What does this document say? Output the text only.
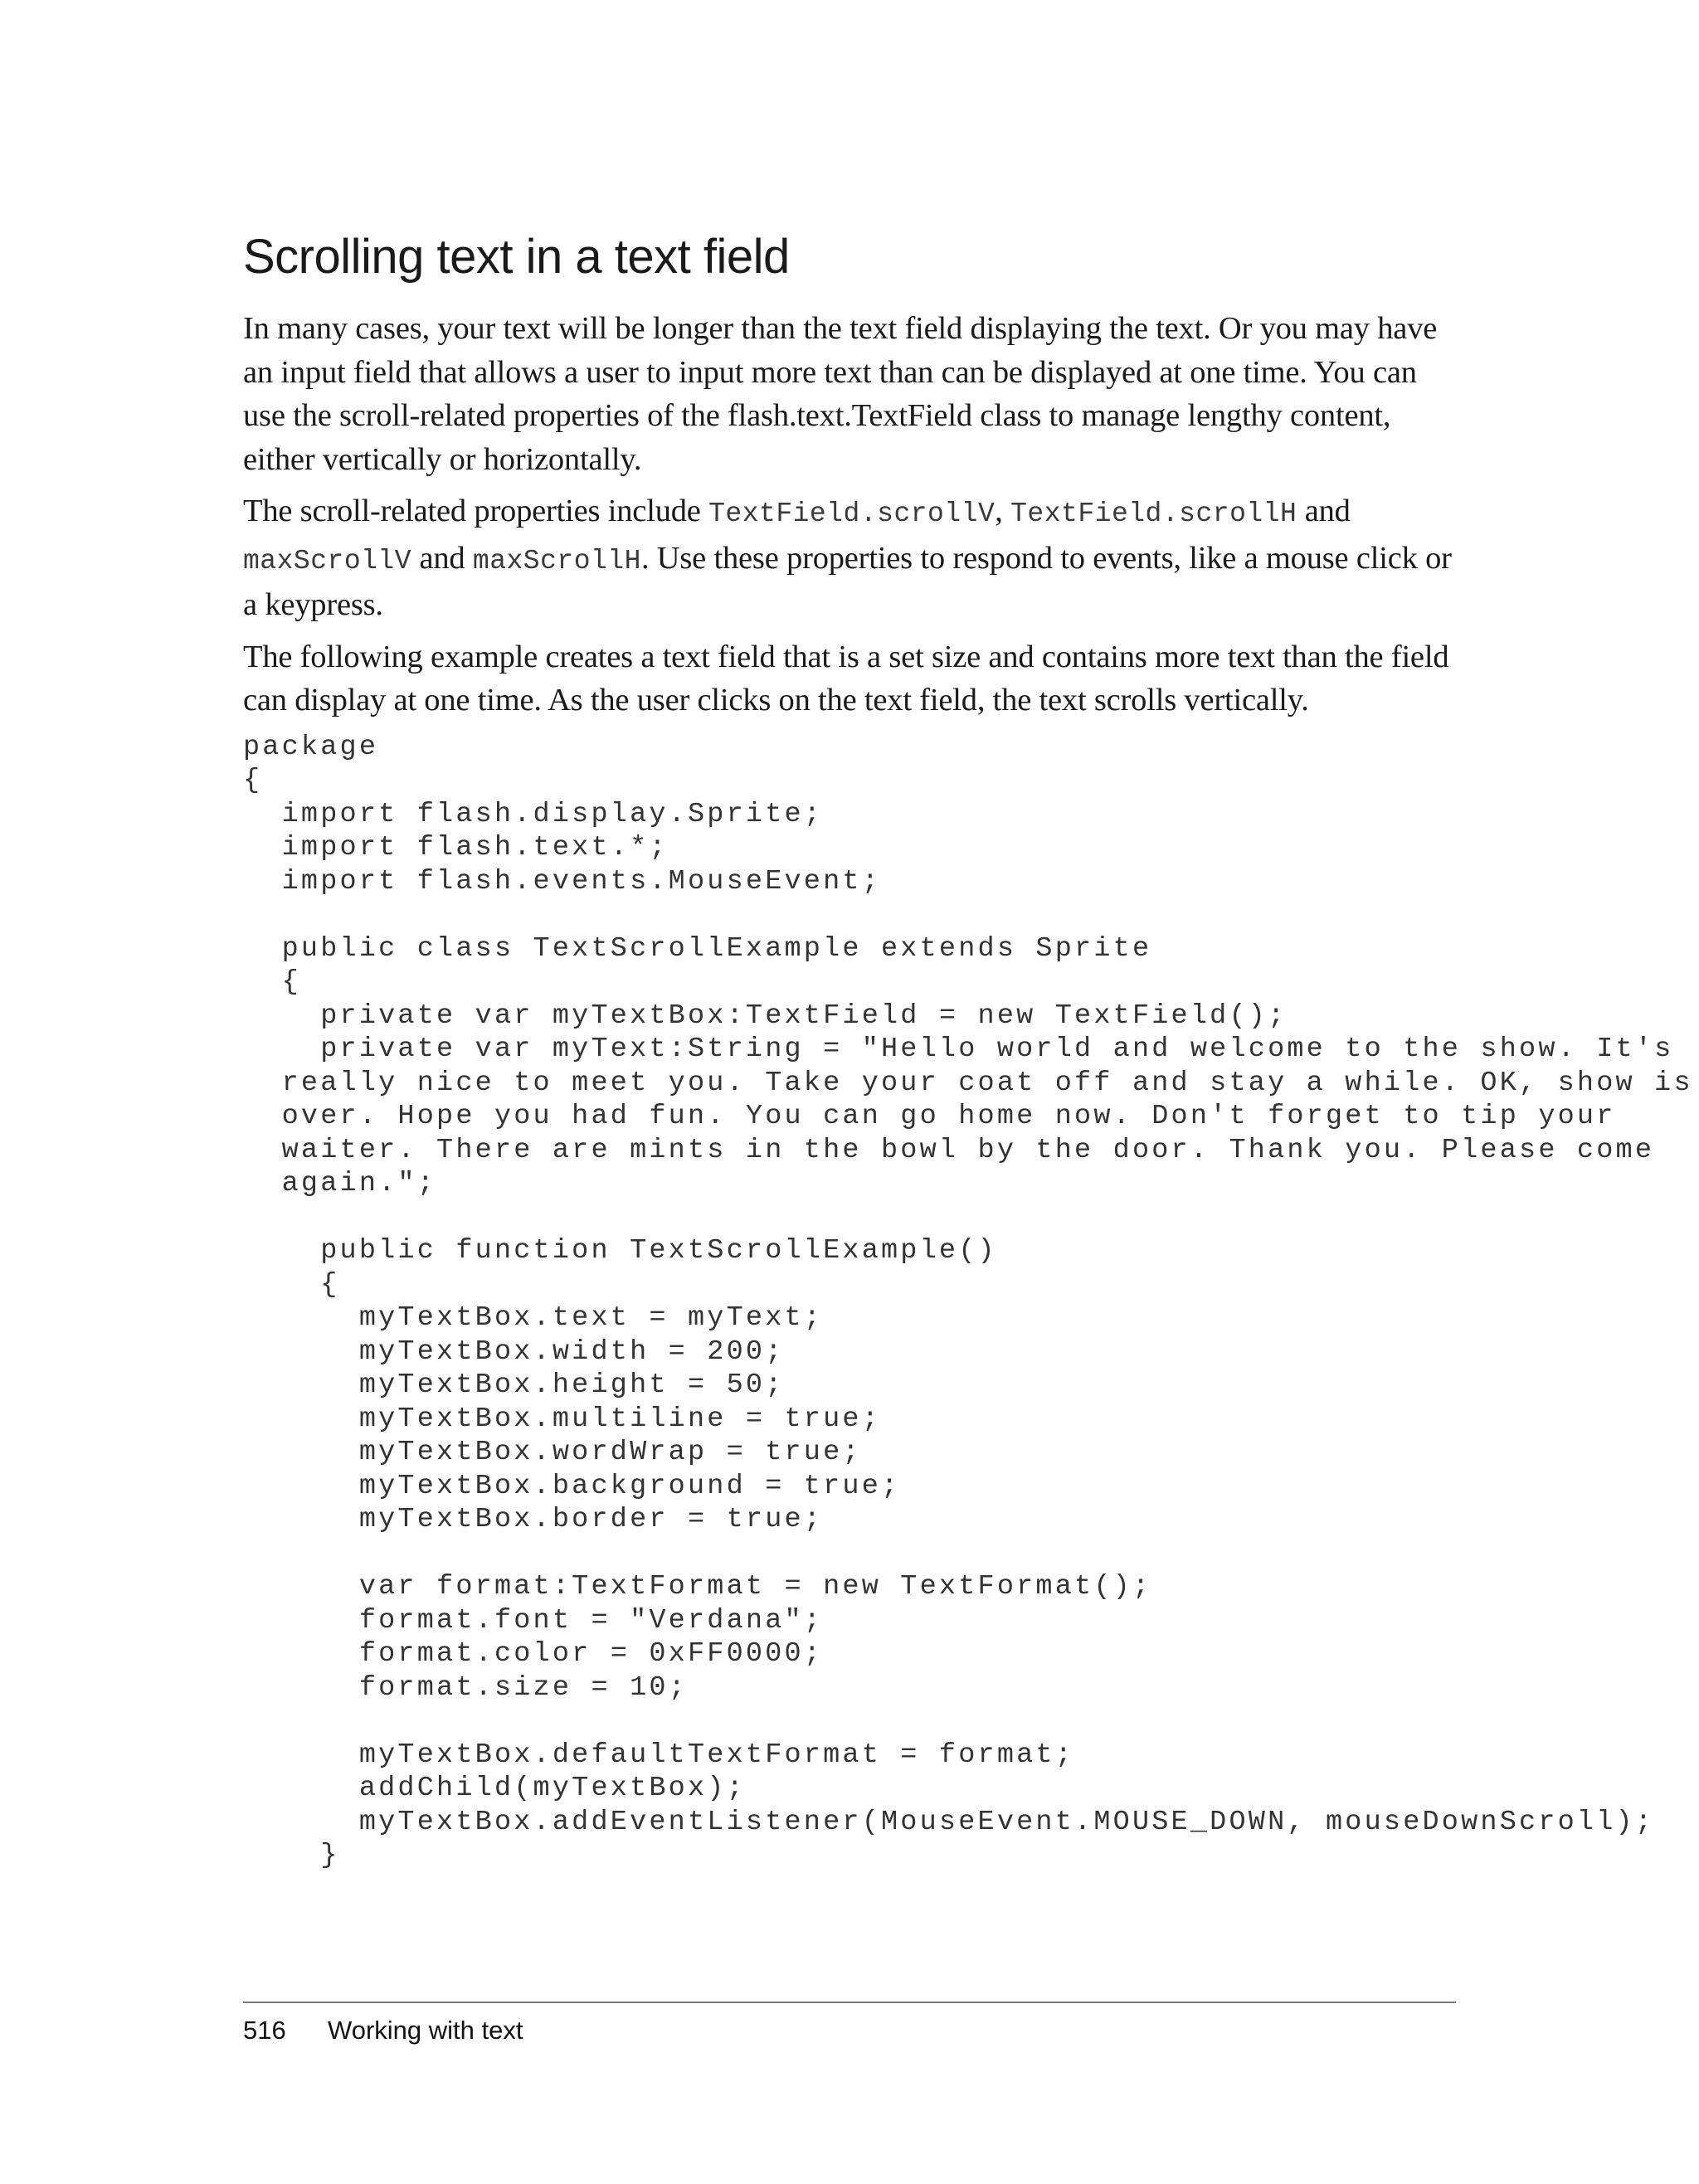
Scrolling text in a text field

In many cases, your text will be longer than the text field displaying the text. Or you may have an input field that allows a user to input more text than can be displayed at one time. You can use the scroll-related properties of the flash.text.TextField class to manage lengthy content, either vertically or horizontally.

The scroll-related properties include TextField.scrollV, TextField.scrollH and maxScrollV and maxScrollH. Use these properties to respond to events, like a mouse click or a keypress.

The following example creates a text field that is a set size and contains more text than the field can display at one time. As the user clicks on the text field, the text scrolls vertically.

package
{
import flash.display.Sprite;
import flash.text.*;
import flash.events.MouseEvent;
public class TextScrollExample extends Sprite
{
private var myTextBox:TextField = new TextField();
private var myText:String = "Hello world and welcome to the show. It's
really nice to meet you. Take your coat off and stay a while. OK, show is
over. Hope you had fun. You can go home now. Don't forget to tip your
waiter. There are mints in the bowl by the door. Thank you. Please come
again.";
public function TextScrollExample()
{
myTextBox.text = myText;
myTextBox.width = 200;
myTextBox.height = 50;
myTextBox.multiline = true;
myTextBox.wordWrap = true;
myTextBox.background = true;
myTextBox.border = true;
var format:TextFormat = new TextFormat();
format.font = "Verdana";
format.color = 0xFF0000;
format.size = 10;
myTextBox.defaultTextFormat = format;
addChild(myTextBox);
myTextBox.addEventListener(MouseEvent.MOUSE_DOWN, mouseDownScroll);
}
516 Working with text
